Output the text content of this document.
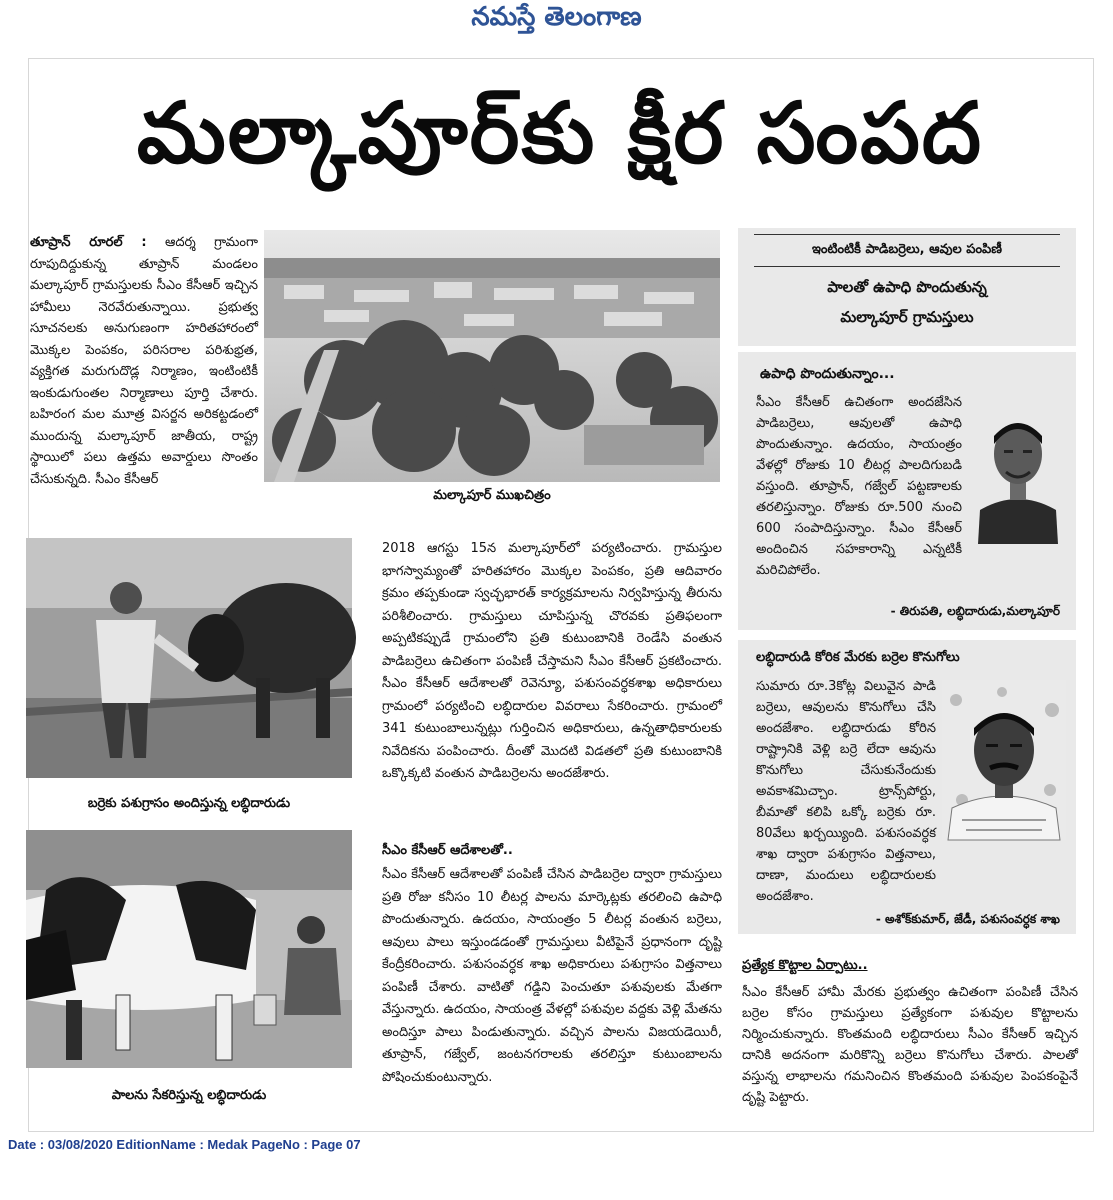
నమస్తే తెలంగాణ
మల్కాపూర్‌కు క్షీర సంపద

తూప్రాన్ రూరల్ : ఆదర్శ గ్రామంగా రూపుదిద్దుకున్న తూప్రాన్ మండలం మల్కాపూర్ గ్రామస్తులకు సీఎం కేసీఆర్ ఇచ్చిన హామీలు నెరవేరుతున్నాయి. ప్రభుత్వ సూచనలకు అనుగుణంగా హరితహారంలో మొక్కల పెంపకం, పరిసరాల పరిశుభ్రత, వ్యక్తిగత మరుగుదొడ్ల నిర్మాణం, ఇంటింటికీ ఇంకుడుగుంతల నిర్మాణాలు పూర్తి చేశారు. బహిరంగ మల మూత్ర విసర్జన అరికట్టడంలో ముందున్న మల్కాపూర్ జాతీయ, రాష్ట్ర స్థాయిలో పలు ఉత్తమ అవార్డులు సొంతం చేసుకున్నది. సీఎం కేసీఆర్

మల్కాపూర్ ముఖచిత్రం
ఇంటింటికీ పాడిబర్రెలు, ఆవుల పంపిణీ
పాలతో ఉపాధి పొందుతున్న
మల్కాపూర్ గ్రామస్తులు
ఉపాధి పొందుతున్నాం...
సీఎం కేసీఆర్ ఉచితంగా అందజేసిన పాడిబర్రెలు, ఆవులతో ఉపాధి పొందుతున్నాం. ఉదయం, సాయంత్రం వేళల్లో రోజుకు 10 లీటర్ల పాలదిగుబడి వస్తుంది. తూప్రాన్, గజ్వేల్ పట్టణాలకు తరలిస్తున్నాం. రోజుకు రూ.500 నుంచి 600 సంపాదిస్తున్నాం. సీఎం కేసీఆర్ అందించిన సహకారాన్ని ఎన్నటికీ మరిచిపోలేం.
- తిరుపతి, లబ్ధిదారుడు,మల్కాపూర్
లబ్ధిదారుడి కోరిక మేరకు బర్రెల కొనుగోలు
సుమారు రూ.3కోట్ల విలువైన పాడి బర్రెలు, ఆవులను కొనుగోలు చేసి అందజేశాం. లబ్ధిదారుడు కోరిన రాష్ట్రానికి వెళ్లి బర్రె లేదా ఆవును కొనుగోలు చేసుకునేందుకు అవకాశమిచ్చాం. ట్రాన్స్‌పోర్టు, బీమాతో కలిపి ఒక్కో బర్రెకు రూ. 80వేలు ఖర్చయ్యింది. పశుసంవర్ధక శాఖ ద్వారా పశుగ్రాసం విత్తనాలు, దాణా, మందులు లబ్ధిదారులకు అందజేశాం.
- అశోక్‌కుమార్, జేడీ, పశుసంవర్ధక శాఖ
బర్రెకు పశుగ్రాసం అందిస్తున్న లబ్ధిదారుడు
పాలను సేకరిస్తున్న లబ్ధిదారుడు

2018 ఆగస్టు 15న మల్కాపూర్‌లో పర్యటించారు. గ్రామస్తుల భాగస్వామ్యంతో హరితహారం మొక్కల పెంపకం, ప్రతి ఆదివారం క్రమం తప్పకుండా స్వచ్ఛభారత్ కార్యక్రమాలను నిర్వహిస్తున్న తీరును పరిశీలించారు. గ్రామస్తులు చూపిస్తున్న చొరవకు ప్రతిఫలంగా అప్పటికప్పుడే గ్రామంలోని ప్రతి కుటుంబానికి రెండేసి వంతున పాడిబర్రెలు ఉచితంగా పంపిణీ చేస్తామని సీఎం కేసీఆర్ ప్రకటించారు. సీఎం కేసీఆర్ ఆదేశాలతో రెవెన్యూ, పశుసంవర్ధకశాఖ అధికారులు గ్రామంలో పర్యటించి లబ్ధిదారుల వివరాలు సేకరించారు. గ్రామంలో 341 కుటుంబాలున్నట్లు గుర్తించిన అధికారులు, ఉన్నతాధికారులకు నివేదికను పంపించారు. దీంతో మొదటి విడతలో ప్రతి కుటుంబానికి ఒక్కొక్కటి వంతున పాడిబర్రెలను అందజేశారు.

సీఎం కేసీఆర్ ఆదేశాలతో..

సీఎం కేసీఆర్ ఆదేశాలతో పంపిణీ చేసిన పాడిబర్రెల ద్వారా గ్రామస్తులు ప్రతి రోజు కనీసం 10 లీటర్ల పాలను మార్కెట్లకు తరలించి ఉపాధి పొందుతున్నారు. ఉదయం, సాయంత్రం 5 లీటర్ల వంతున బర్రెలు, ఆవులు పాలు ఇస్తుండడంతో గ్రామస్తులు వీటిపైనే ప్రధానంగా దృష్టి కేంద్రీకరించారు. పశుసంవర్ధక శాఖ అధికారులు పశుగ్రాసం విత్తనాలు పంపిణీ చేశారు. వాటితో గడ్డిని పెంచుతూ పశువులకు మేతగా వేస్తున్నారు. ఉదయం, సాయంత్ర వేళల్లో పశువుల వద్దకు వెళ్లి మేతను అందిస్తూ పాలు పిండుతున్నారు. వచ్చిన పాలను విజయడెయిరీ, తూప్రాన్, గజ్వేల్, జంటనగరాలకు తరలిస్తూ కుటుంబాలను పోషించుకుంటున్నారు.

ప్రత్యేక కొట్టాల ఏర్పాటు..
సీఎం కేసీఆర్ హామీ మేరకు ప్రభుత్వం ఉచితంగా పంపిణీ చేసిన బర్రెల కోసం గ్రామస్తులు ప్రత్యేకంగా పశువుల కొట్టాలను నిర్మించుకున్నారు. కొంతమంది లబ్ధిదారులు సీఎం కేసీఆర్ ఇచ్చిన దానికి అదనంగా మరికొన్ని బర్రెలు కొనుగోలు చేశారు. పాలతో వస్తున్న లాభాలను గమనించిన కొంతమంది పశువుల పెంపకంపైనే దృష్టి పెట్టారు.
Date : 03/08/2020 EditionName : Medak PageNo : Page 07
